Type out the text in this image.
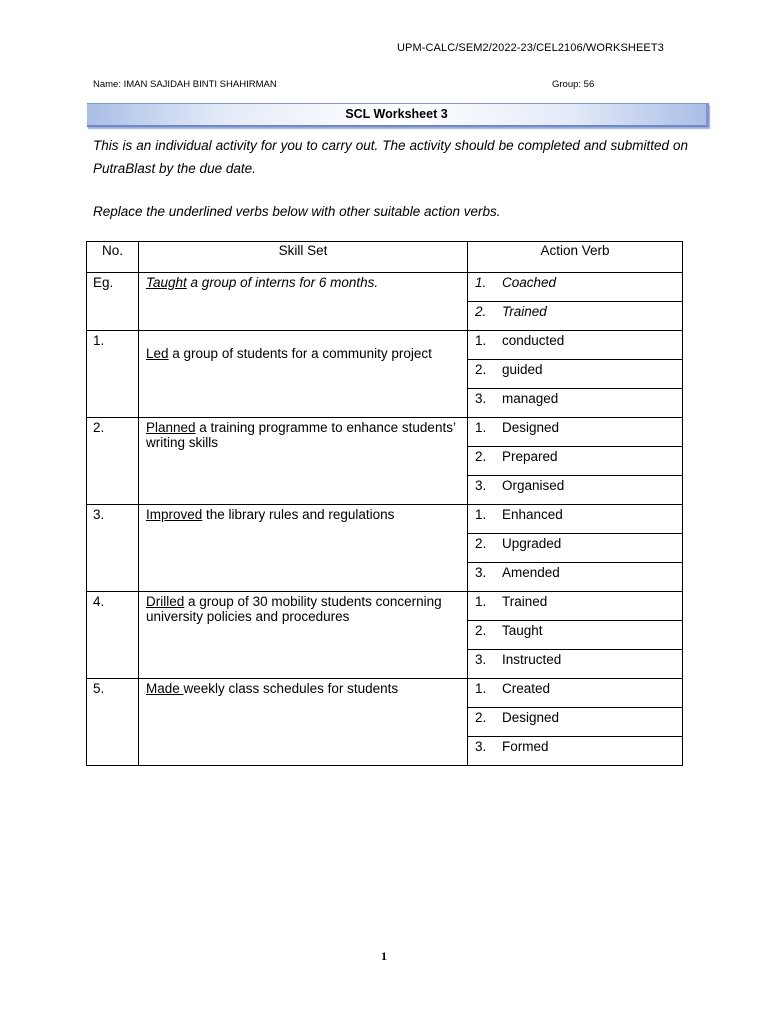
UPM-CALC/SEM2/2022-23/CEL2106/WORKSHEET3
Name: IMAN SAJIDAH BINTI SHAHIRMAN	Group: 56
SCL Worksheet 3
This is an individual activity for you to carry out. The activity should be completed and submitted on PutraBlast by the due date.
Replace the underlined verbs below with other suitable action verbs.
No.	Skill Set	Action Verb
Eg.	Taught a group of interns for 6 months.	1. Coached
		2. Trained
1.	Led a group of students for a community project	1. conducted
		2. guided
		3. managed
2.	Planned a training programme to enhance students’ writing skills	1. Designed
		2. Prepared
		3. Organised
3.	Improved the library rules and regulations	1. Enhanced
		2. Upgraded
		3. Amended
4.	Drilled a group of 30 mobility students concerning university policies and procedures	1. Trained
		2. Taught
		3. Instructed
5.	Made weekly class schedules for students	1. Created
		2. Designed
		3. Formed
1
